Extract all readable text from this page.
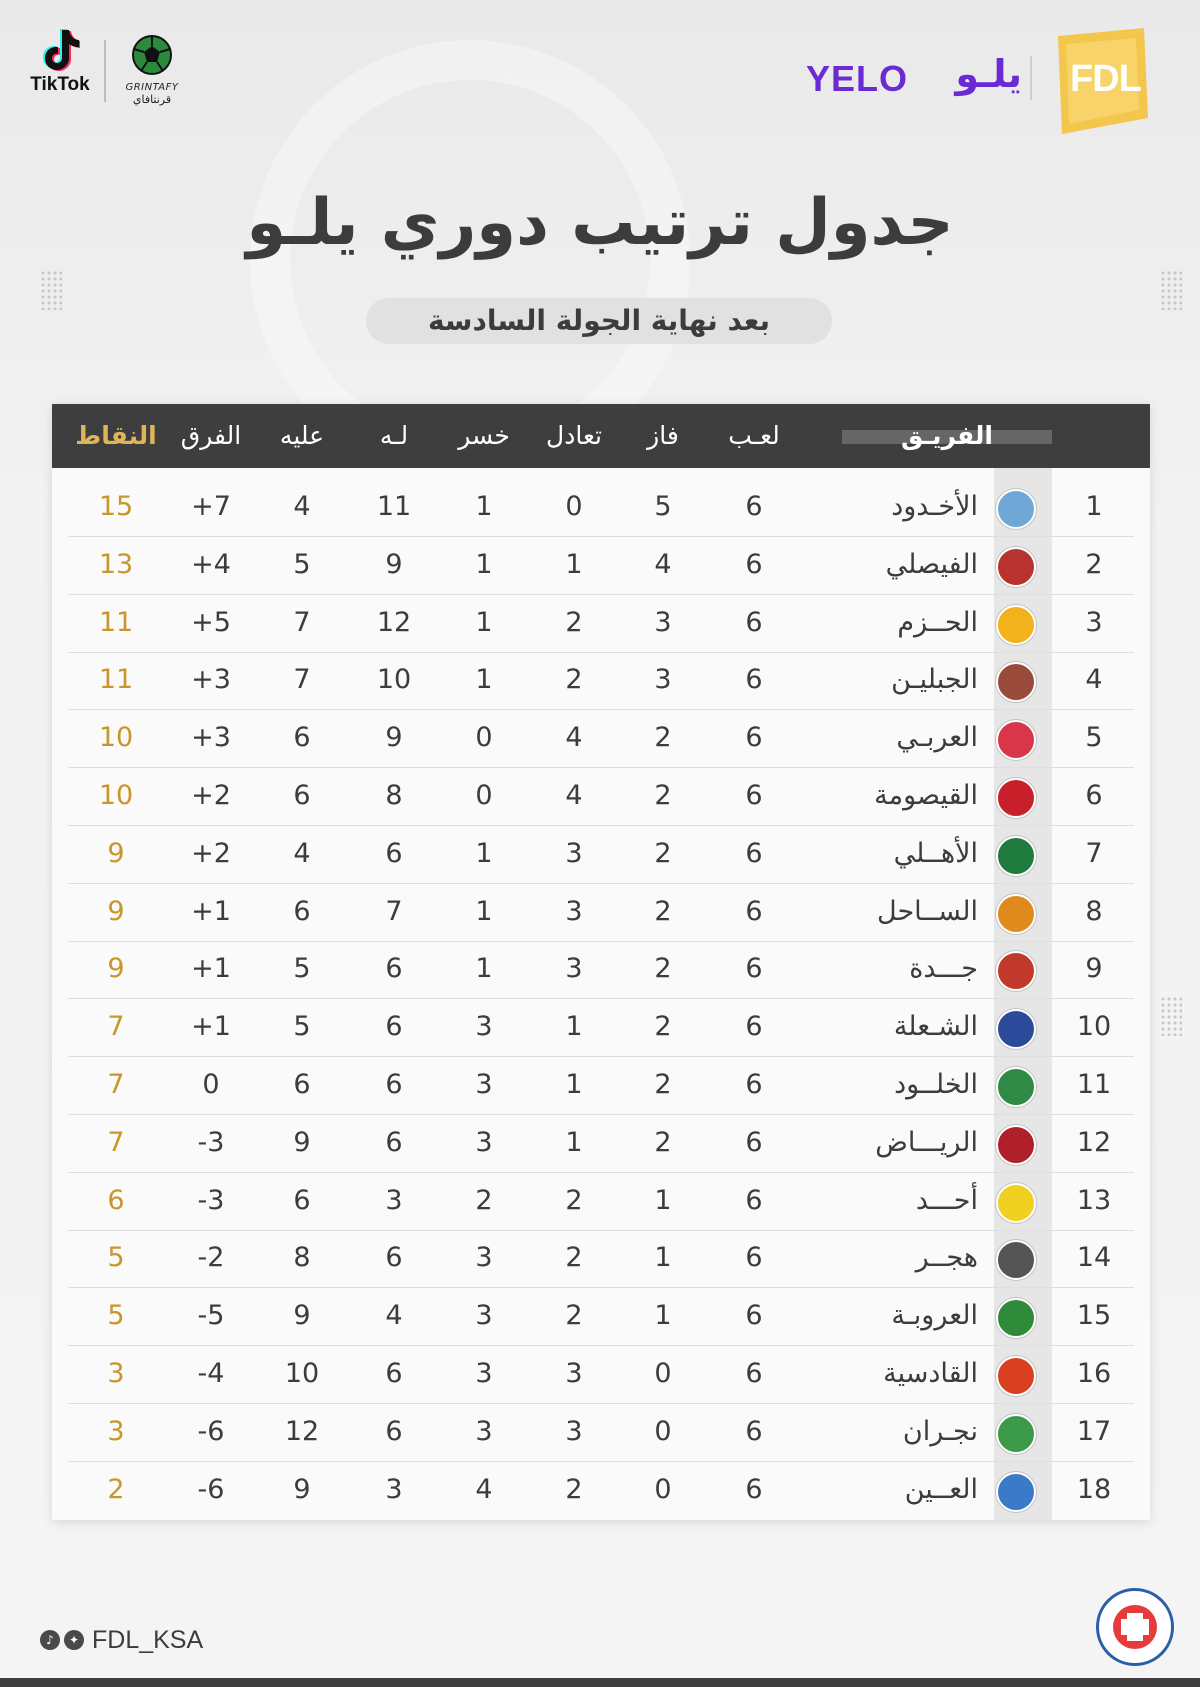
TikTok	GRINTAFY
قرنتافاي
YELO يلـو FDL
جدول ترتيب دوري يلـو
بعد نهاية الجولة السادسة
النقاط الفرق	عليه	لـه	خسر	تعادل	فاز	لعـب	الفريـق
15	+7	4	11	1	0	5	6	الأخـدود	1
13	+4	5	9	1	1	4	6	الفيصلي	2
11	+5	7	12	1	2	3	6	الحــزم	3
11	+3	7	10	1	2	3	6	الجبليـن	4
10	+3	6	9	0	4	2	6	العربـي	5
10	+2	6	8	0	4	2	6	القيصومة	6
9	+2	4	6	1	3	2	6	الأهــلي	7
9	+1	6	7	1	3	2	6	الســاحل	8
9	+1	5	6	1	3	2	6	جـــدة	9
7	+1	5	6	3	1	2	6	الشـعلة	10
7	0	6	6	3	1	2	6	الخلــود	11
7	-3	9	6	3	1	2	6	الريـــاض	12
6	-3	6	3	2	2	1	6	أحـــد	13
5	-2	8	6	3	2	1	6	هجــر	14
5	-5	9	4	3	2	1	6	العروبـة	15
3	-4	10	6	3	3	0	6	القادسية	16
3	-6	12	6	3	3	0	6	نجـران	17
2	-6	9	3	4	2	0	6	العــين	18
♪	✦ FDL_KSA
